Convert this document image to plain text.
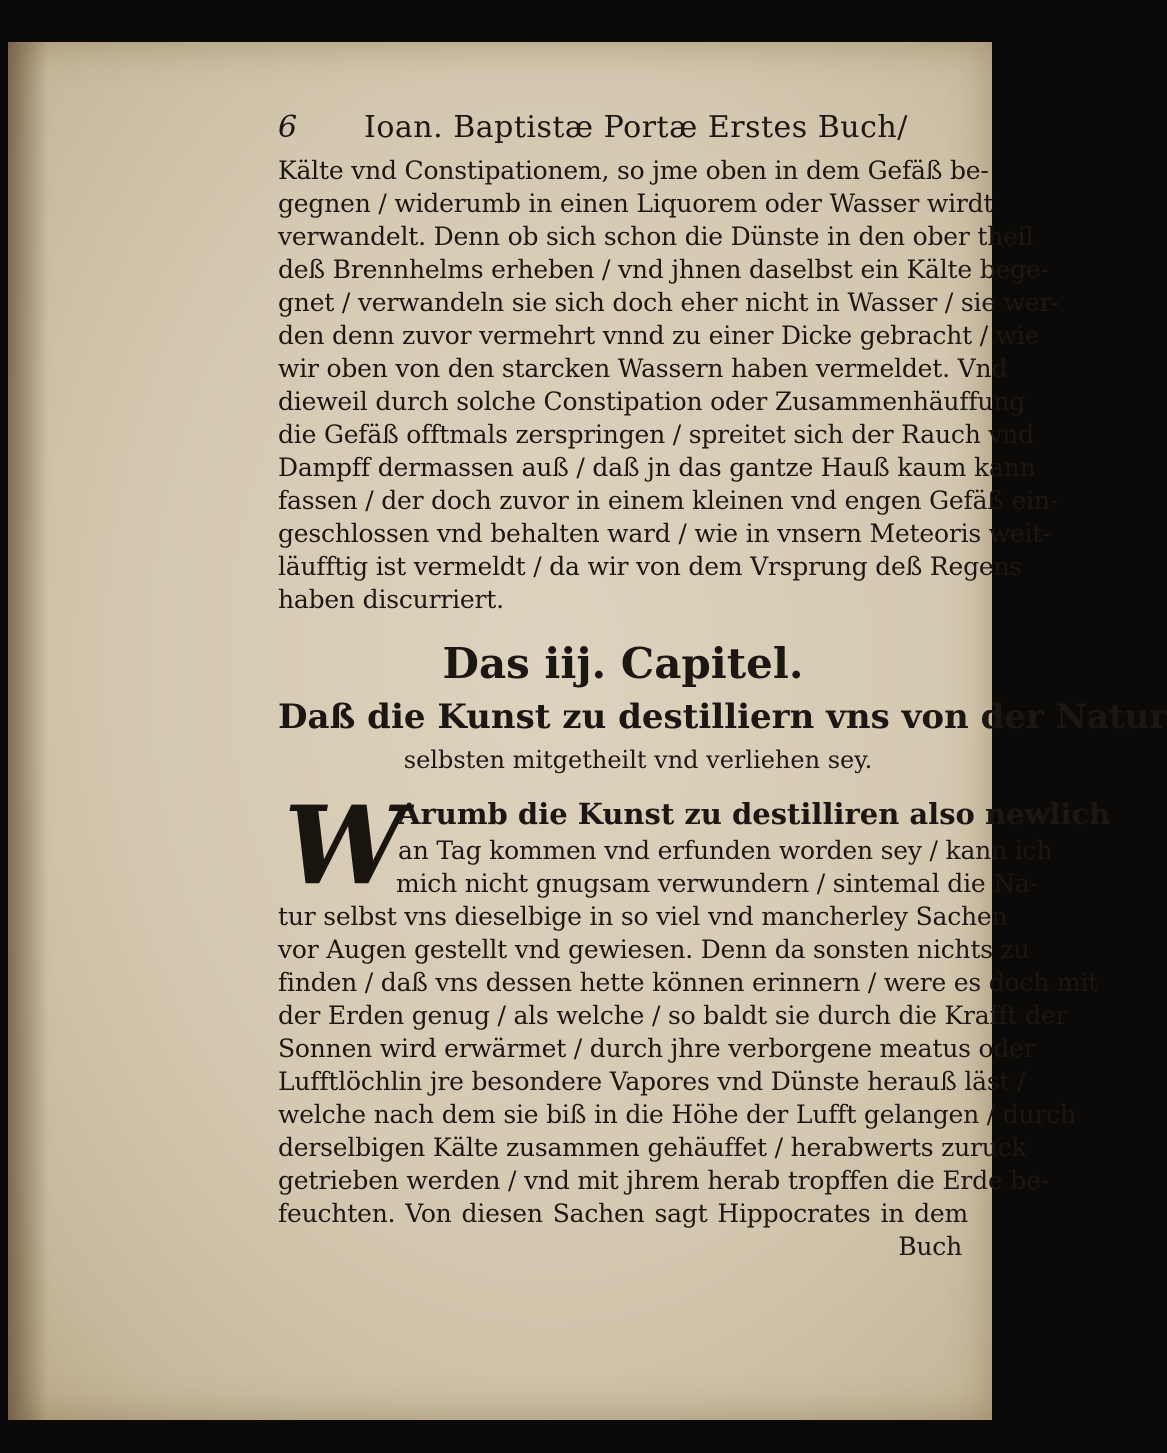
6 Ioan. Baptistæ Portæ Erstes Buch/
Kälte vnd Constipationem, so jme oben in dem Gefäß be-
gegnen / widerumb in einen Liquorem oder Wasser wirdt
verwandelt. Denn ob sich schon die Dünste in den ober theil
deß Brennhelms erheben / vnd jhnen daselbst ein Kälte bege-
gnet / verwandeln sie sich doch eher nicht in Wasser / sie wer-
den denn zuvor vermehrt vnnd zu einer Dicke gebracht / wie
wir oben von den starcken Wassern haben vermeldet. Vnd
dieweil durch solche Constipation oder Zusammenhäuffung
die Gefäß offtmals zerspringen / spreitet sich der Rauch vnd
Dampff dermassen auß / daß jn das gantze Hauß kaum kann
fassen / der doch zuvor in einem kleinen vnd engen Gefäß ein-
geschlossen vnd behalten ward / wie in vnsern Meteoris weit-
läufftig ist vermeldt / da wir von dem Vrsprung deß Regens
haben discurriert.
Das iij. Capitel.
Daß die Kunst zu destilliern vns von der Natur
selbsten mitgetheilt vnd verliehen sey.
W
Arumb die Kunst zu destilliren also newlich
an Tag kommen vnd erfunden worden sey / kann ich
mich nicht gnugsam verwundern / sintemal die Na-
tur selbst vns dieselbige in so viel vnd mancherley Sachen
vor Augen gestellt vnd gewiesen. Denn da sonsten nichts zu
finden / daß vns dessen hette können erinnern / were es doch mit
der Erden genug / als welche / so baldt sie durch die Krafft der
Sonnen wird erwärmet / durch jhre verborgene meatus oder
Lufftlöchlin jre besondere Vapores vnd Dünste herauß läst /
welche nach dem sie biß in die Höhe der Lufft gelangen / durch
derselbigen Kälte zusammen gehäuffet / herabwerts zuruck
getrieben werden / vnd mit jhrem herab tropffen die Erde be-
feuchten. Von diesen Sachen sagt Hippocrates in dem
Buch
